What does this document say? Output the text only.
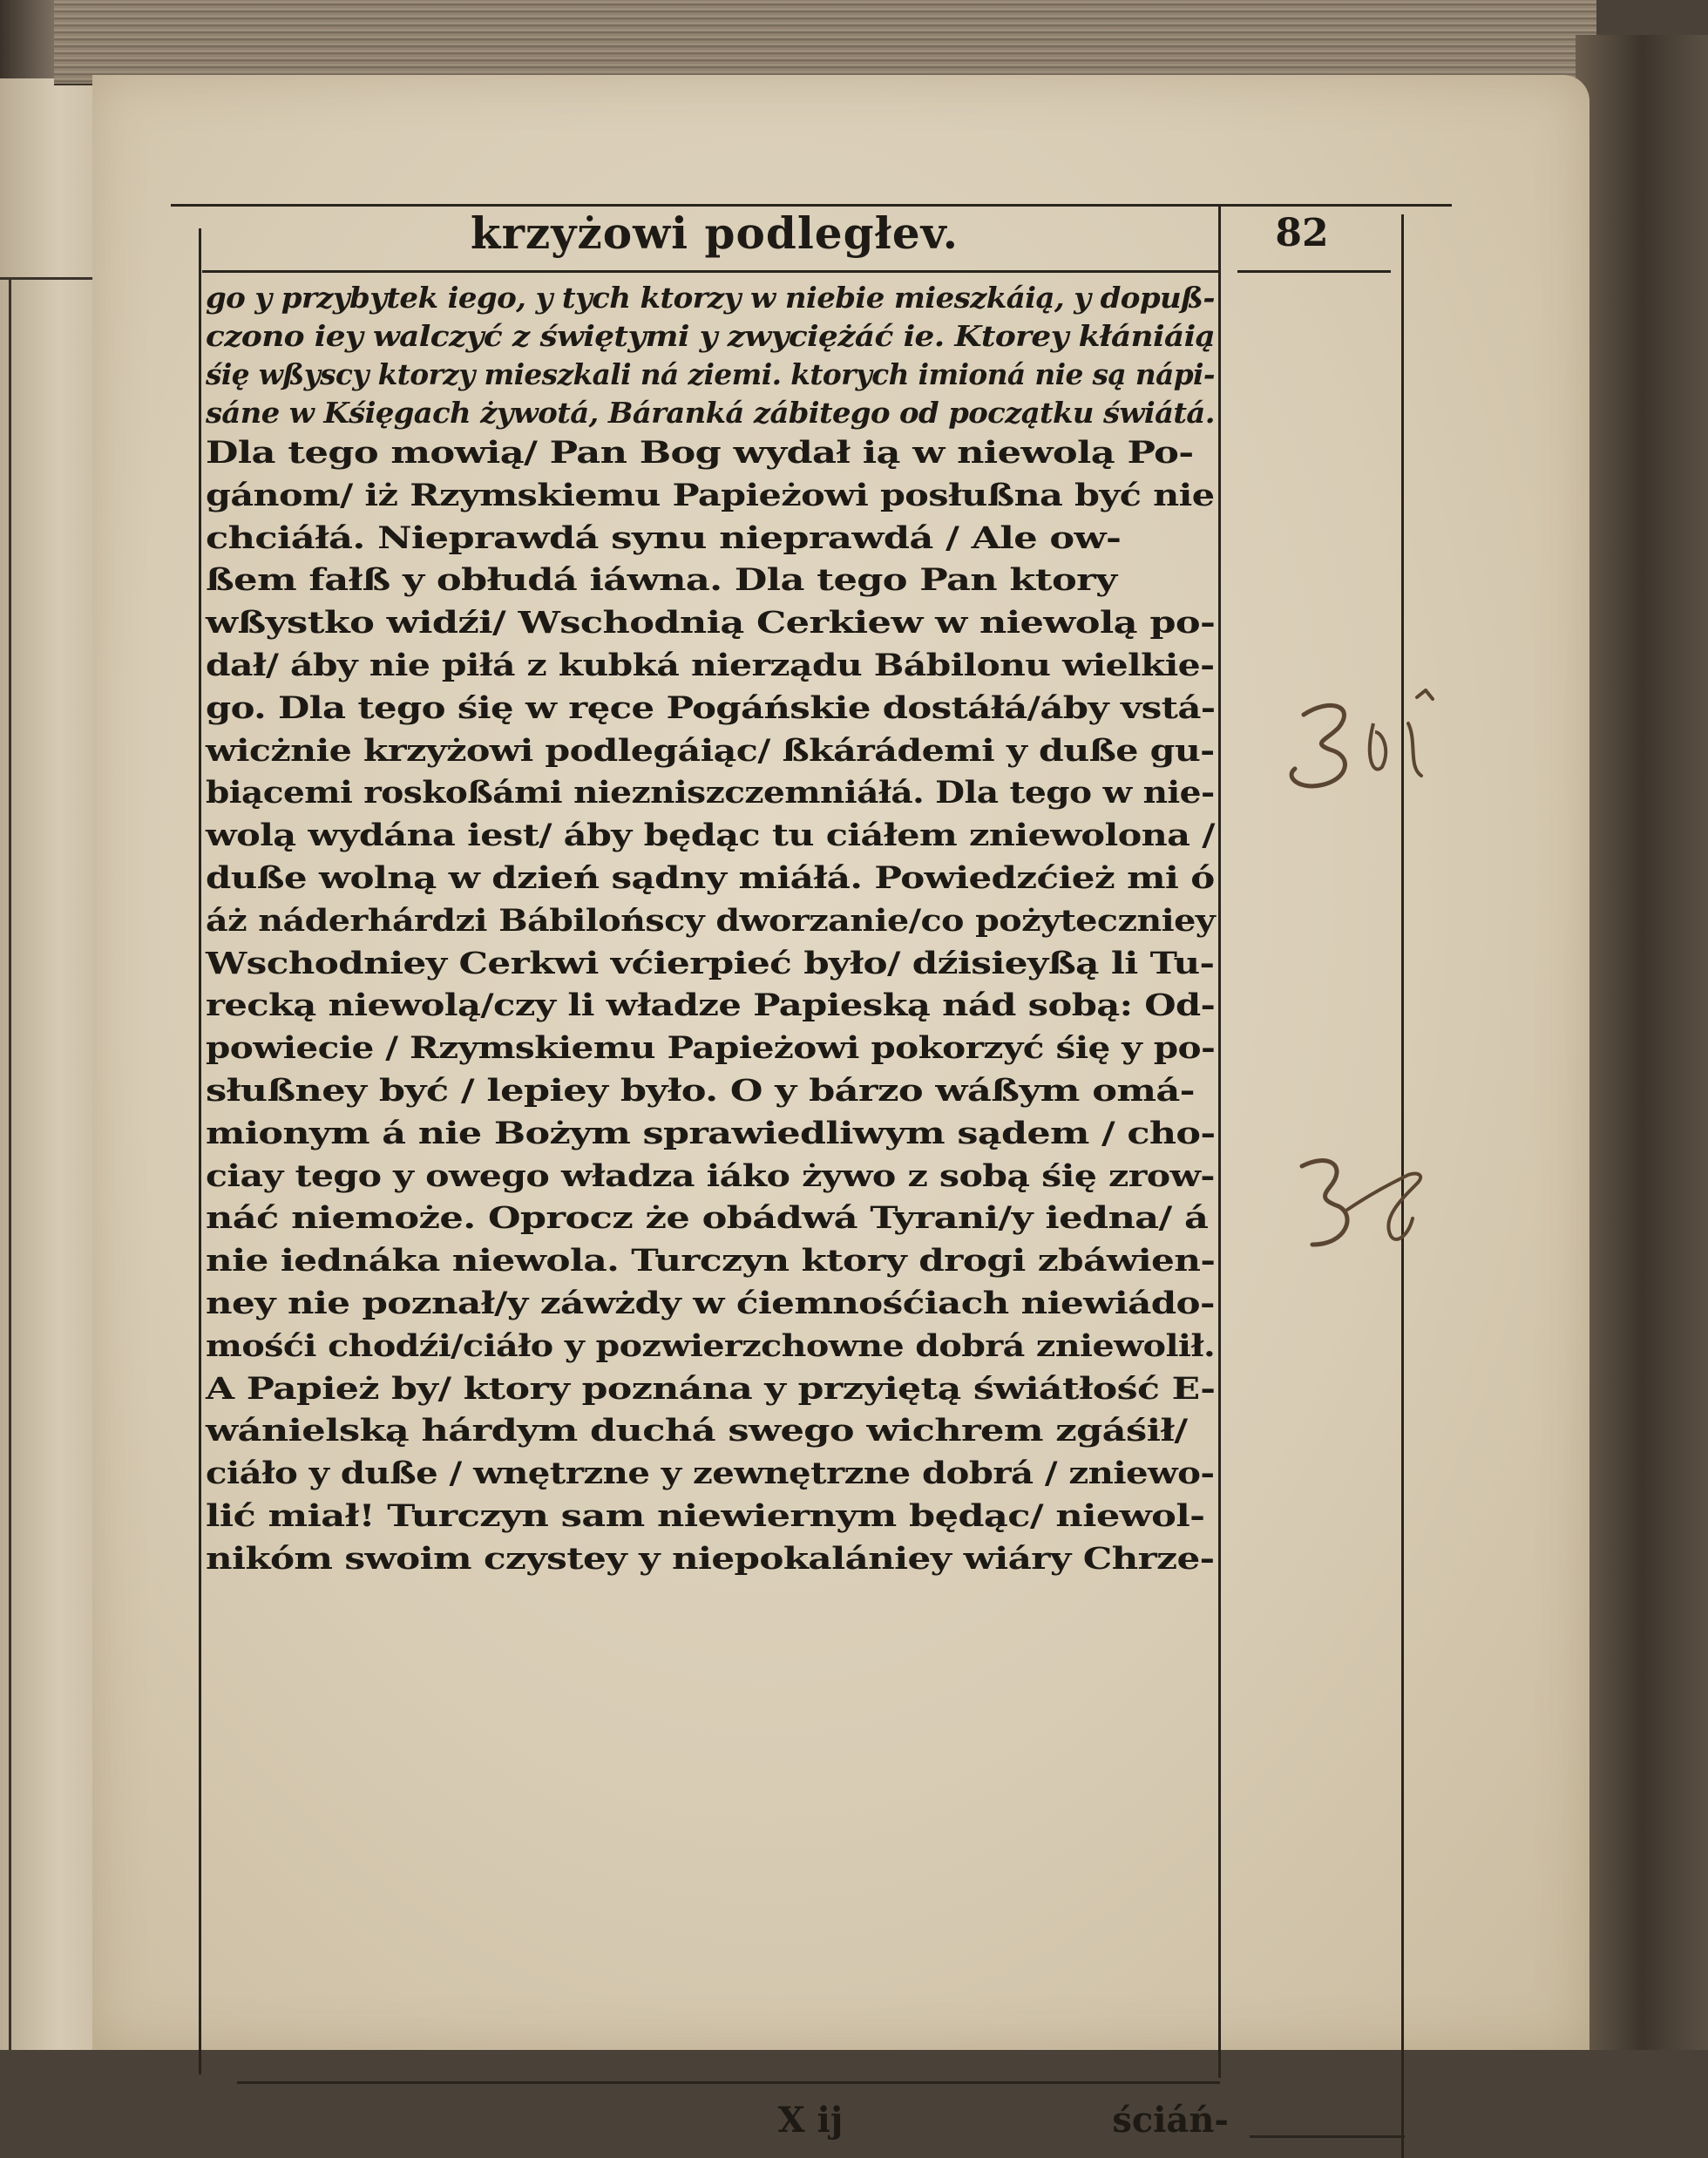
krzyżowi podległev.	82
go y przybytek iego, y tych ktorzy w niebie mieszkáią, y dopuß-
czono iey walczyć z świętymi y zwyciężáć ie. Ktorey kłániáią
śię wßyscy ktorzy mieszkali ná ziemi. ktorych imioná nie są nápi-
sáne w Kśięgach żywotá, Báranká zábitego od początku świátá.
Dla tego mowią/ Pan Bog wydał ią w niewolą Po-
gánom/ iż Rzymskiemu Papieżowi posłußna być nie
chciáłá. Nieprawdá synu nieprawdá / Ale ow-
ßem fałß y obłudá iáwna. Dla tego Pan ktory
wßystko widźi/ Wschodnią Cerkiew w niewolą po-
dał/ áby nie piłá z kubká nierządu Bábilonu wielkie-
go. Dla tego śię w ręce Pogáńskie dostáłá/áby vstá-
wicżnie krzyżowi podlegáiąc/ ßkárádemi y duße gu-
biącemi roskoßámi niezniszczemniáłá. Dla tego w nie-
wolą wydána iest/ áby będąc tu ciáłem zniewolona /
duße wolną w dzień sądny miáłá. Powiedzćież mi ó
áż náderhárdzi Bábilońscy dworzanie/co pożyteczniey
Wschodniey Cerkwi vćierpieć było/ dźisieyßą li Tu-
recką niewolą/czy li władze Papieską nád sobą: Od-
powiecie / Rzymskiemu Papieżowi pokorzyć śię y po-
słußney być / lepiey było. O y bárzo wáßym omá-
mionym á nie Bożym sprawiedliwym sądem / cho-
ciay tego y owego władza iáko żywo z sobą śię zrow-
náć niemoże. Oprocz że obádwá Tyrani/y iedna/ á
nie iednáka niewola. Turczyn ktory drogi zbáwien-
ney nie poznał/y záwżdy w ćiemnośćiach niewiádo-
mośći chodźi/ciáło y pozwierzchowne dobrá zniewolił.
A Papież by/ ktory poznána y przyiętą świátłość E-
wánielską hárdym duchá swego wichrem zgáśił/
ciáło y duße / wnętrzne y zewnętrzne dobrá / zniewo-
lić miał! Turczyn sam niewiernym będąc/ niewol-
nikóm swoim czystey y niepokalániey wiáry Chrze-
X ij	ściáń-
